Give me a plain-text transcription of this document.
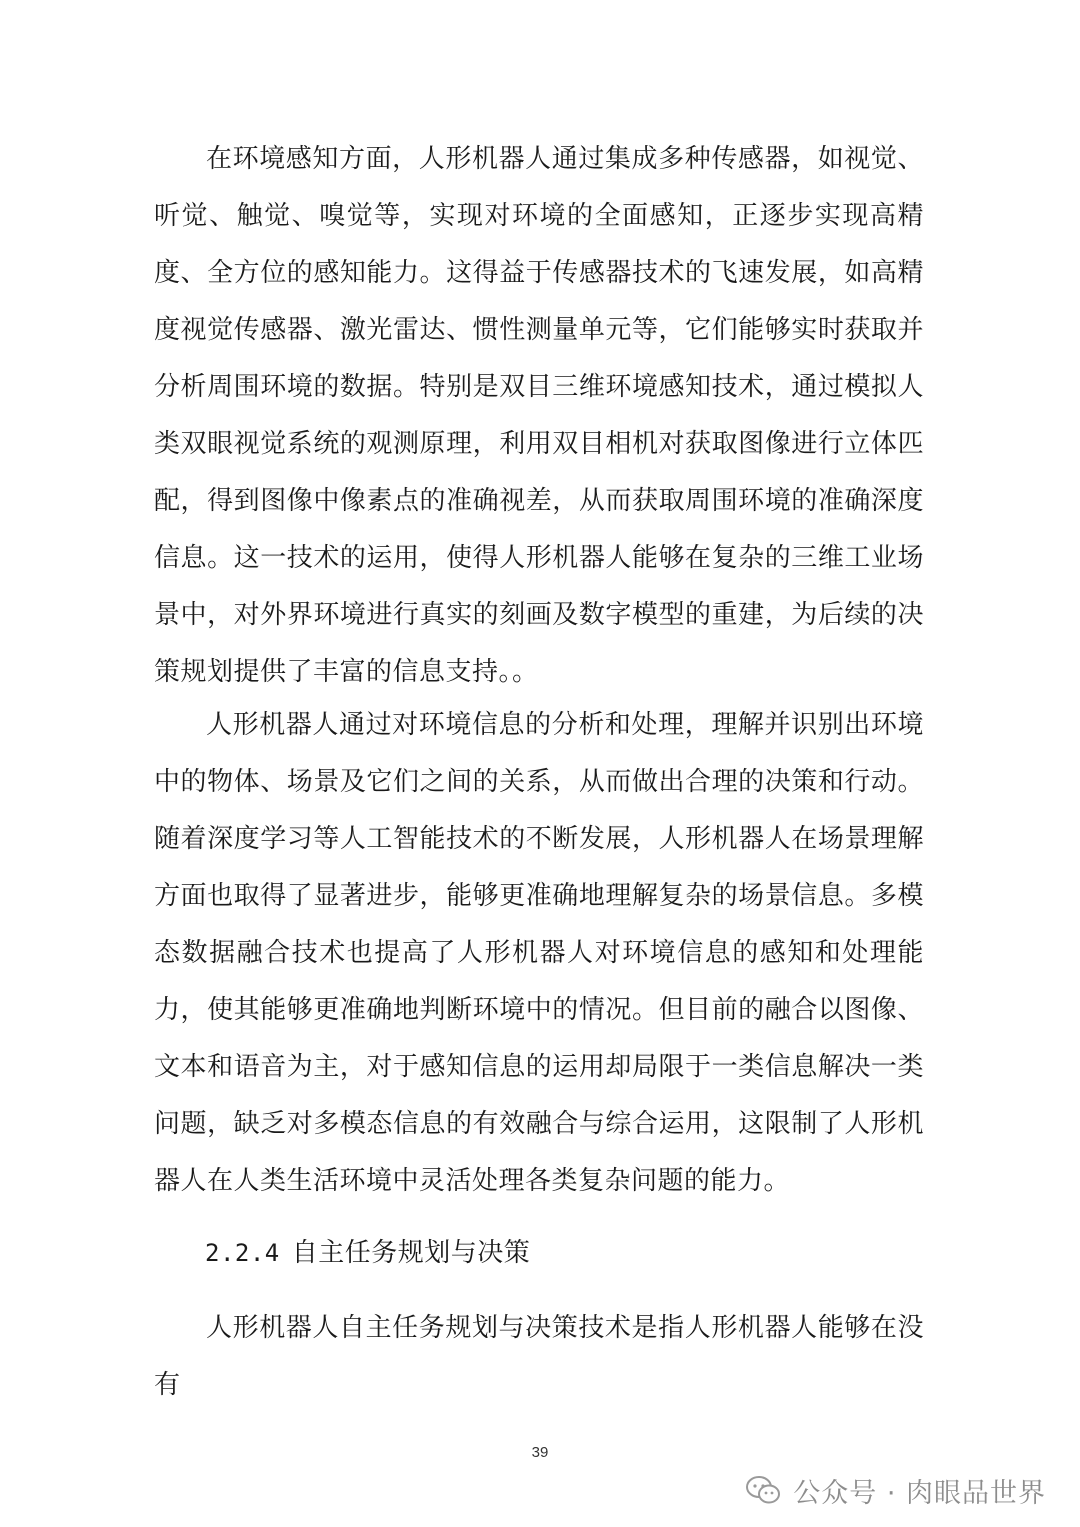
在环境感知方面，人形机器人通过集成多种传感器，如视觉、听觉、触觉、嗅觉等，实现对环境的全面感知，正逐步实现高精度、全方位的感知能力。这得益于传感器技术的飞速发展，如高精度视觉传感器、激光雷达、惯性测量单元等，它们能够实时获取并分析周围环境的数据。特别是双目三维环境感知技术，通过模拟人类双眼视觉系统的观测原理，利用双目相机对获取图像进行立体匹配，得到图像中像素点的准确视差，从而获取周围环境的准确深度信息。这一技术的运用，使得人形机器人能够在复杂的三维工业场景中，对外界环境进行真实的刻画及数字模型的重建，为后续的决策规划提供了丰富的信息支持。。

人形机器人通过对环境信息的分析和处理，理解并识别出环境中的物体、场景及它们之间的关系，从而做出合理的决策和行动。随着深度学习等人工智能技术的不断发展，人形机器人在场景理解方面也取得了显著进步，能够更准确地理解复杂的场景信息。多模态数据融合技术也提高了人形机器人对环境信息的感知和处理能力，使其能够更准确地判断环境中的情况。但目前的融合以图像、文本和语音为主，对于感知信息的运用却局限于一类信息解决一类问题，缺乏对多模态信息的有效融合与综合运用，这限制了人形机器人在人类生活环境中灵活处理各类复杂问题的能力。

2.2.4 自主任务规划与决策

人形机器人自主任务规划与决策技术是指人形机器人能够在没有

39
公众号 · 肉眼品世界
